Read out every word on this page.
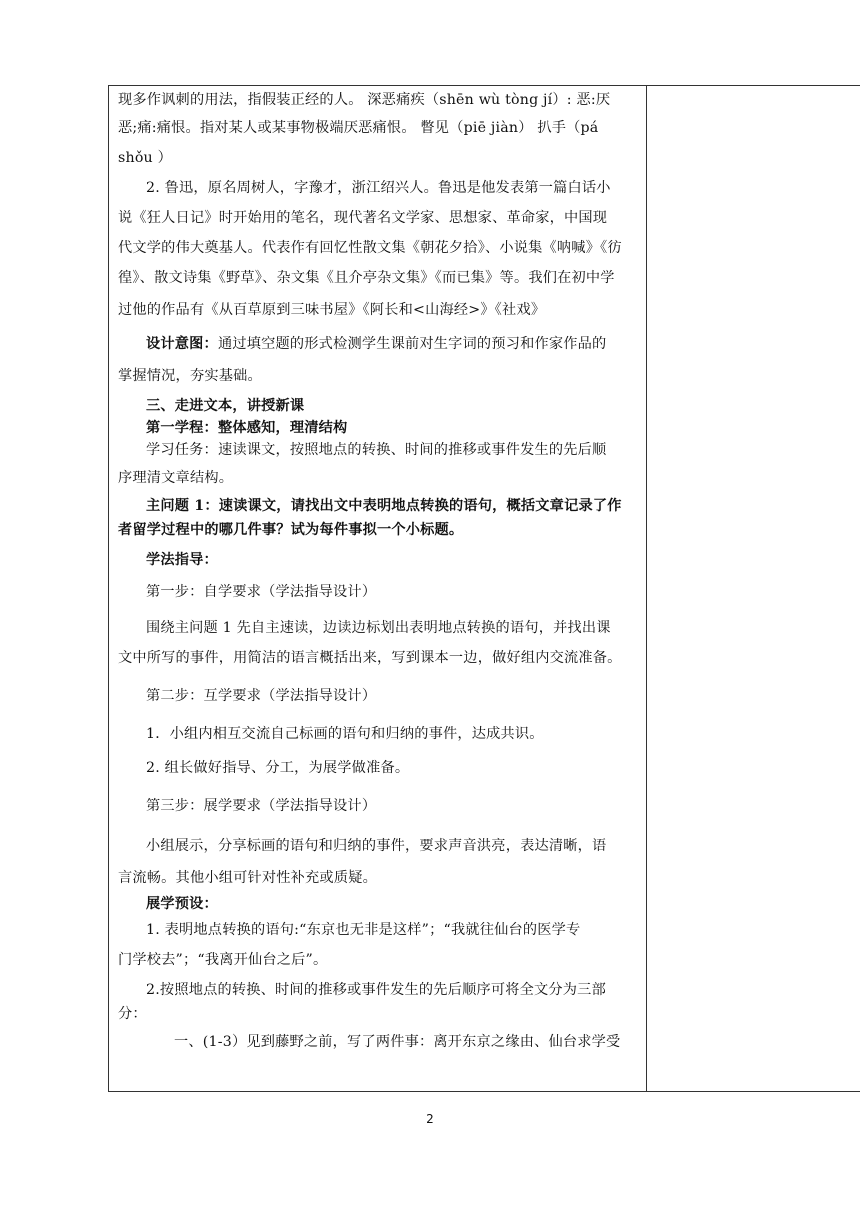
现多作讽刺的用法，指假装正经的人。 深恶痛疾（shēn wù tòng jí）: 恶:厌
恶;痛:痛恨。指对某人或某事物极端厌恶痛恨。 瞥见（piē jiàn） 扒手（pá
shǒu ）
2. 鲁迅，原名周树人，字豫才，浙江绍兴人。鲁迅是他发表第一篇白话小
说《狂人日记》时开始用的笔名，现代著名文学家、思想家、革命家，中国现
代文学的伟大奠基人。代表作有回忆性散文集《朝花夕拾》、小说集《呐喊》《彷
徨》、散文诗集《野草》、杂文集《且介亭杂文集》《而已集》等。我们在初中学
过他的作品有《从百草原到三味书屋》《阿长和<山海经>》《社戏》
设计意图：通过填空题的形式检测学生课前对生字词的预习和作家作品的
掌握情况，夯实基础。
三、走进文本，讲授新课
第一学程：整体感知，理清结构
学习任务：速读课文，按照地点的转换、时间的推移或事件发生的先后顺
序理清文章结构。
主问题 1：速读课文，请找出文中表明地点转换的语句，概括文章记录了作
者留学过程中的哪几件事？试为每件事拟一个小标题。
学法指导：
第一步：自学要求（学法指导设计）
围绕主问题 1 先自主速读，边读边标划出表明地点转换的语句，并找出课
文中所写的事件，用简洁的语言概括出来，写到课本一边，做好组内交流准备。
第二步：互学要求（学法指导设计）
1．小组内相互交流自己标画的语句和归纳的事件，达成共识。
2. 组长做好指导、分工，为展学做准备。
第三步：展学要求（学法指导设计）
小组展示，分享标画的语句和归纳的事件，要求声音洪亮，表达清晰，语
言流畅。其他小组可针对性补充或质疑。
展学预设：
1. 表明地点转换的语句:“东京也无非是这样”；“我就往仙台的医学专
门学校去”；“我离开仙台之后”。
2.按照地点的转换、时间的推移或事件发生的先后顺序可将全文分为三部
分：
一、(1-3）见到藤野之前，写了两件事：离开东京之缘由、仙台求学受
2
